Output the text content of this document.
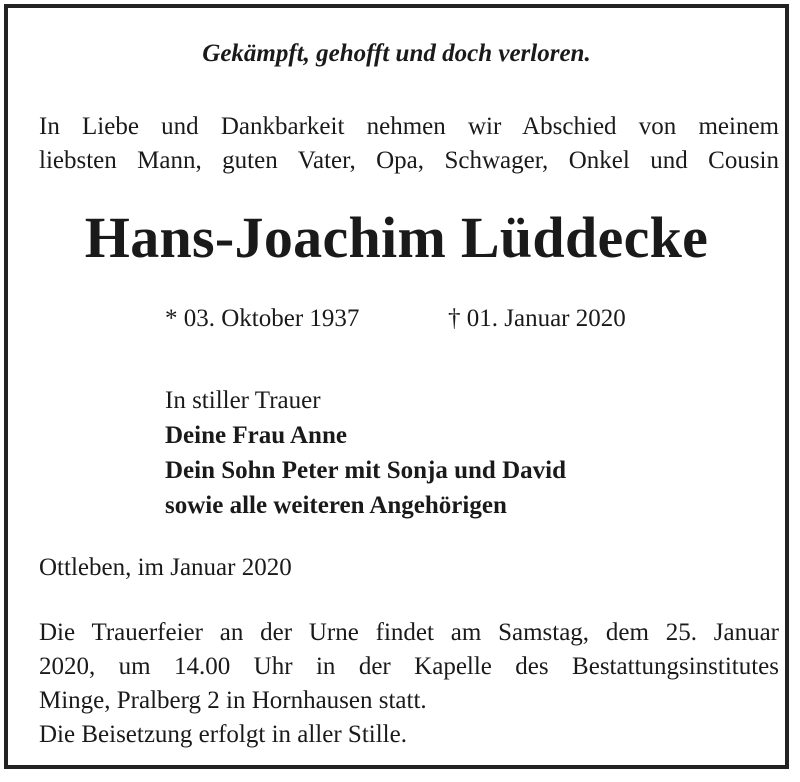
Gekämpft, gehofft und doch verloren.
In Liebe und Dankbarkeit nehmen wir Abschied von meinem
liebsten Mann, guten Vater, Opa, Schwager, Onkel und Cousin
Hans-Joachim Lüddecke
* 03. Oktober 1937	† 01. Januar 2020
In stiller Trauer
Deine Frau Anne
Dein Sohn Peter mit Sonja und David
sowie alle weiteren Angehörigen
Ottleben, im Januar 2020
Die Trauerfeier an der Urne findet am Samstag, dem 25. Januar
2020, um 14.00 Uhr in der Kapelle des Bestattungsinstitutes
Minge, Pralberg 2 in Hornhausen statt.
Die Beisetzung erfolgt in aller Stille.
